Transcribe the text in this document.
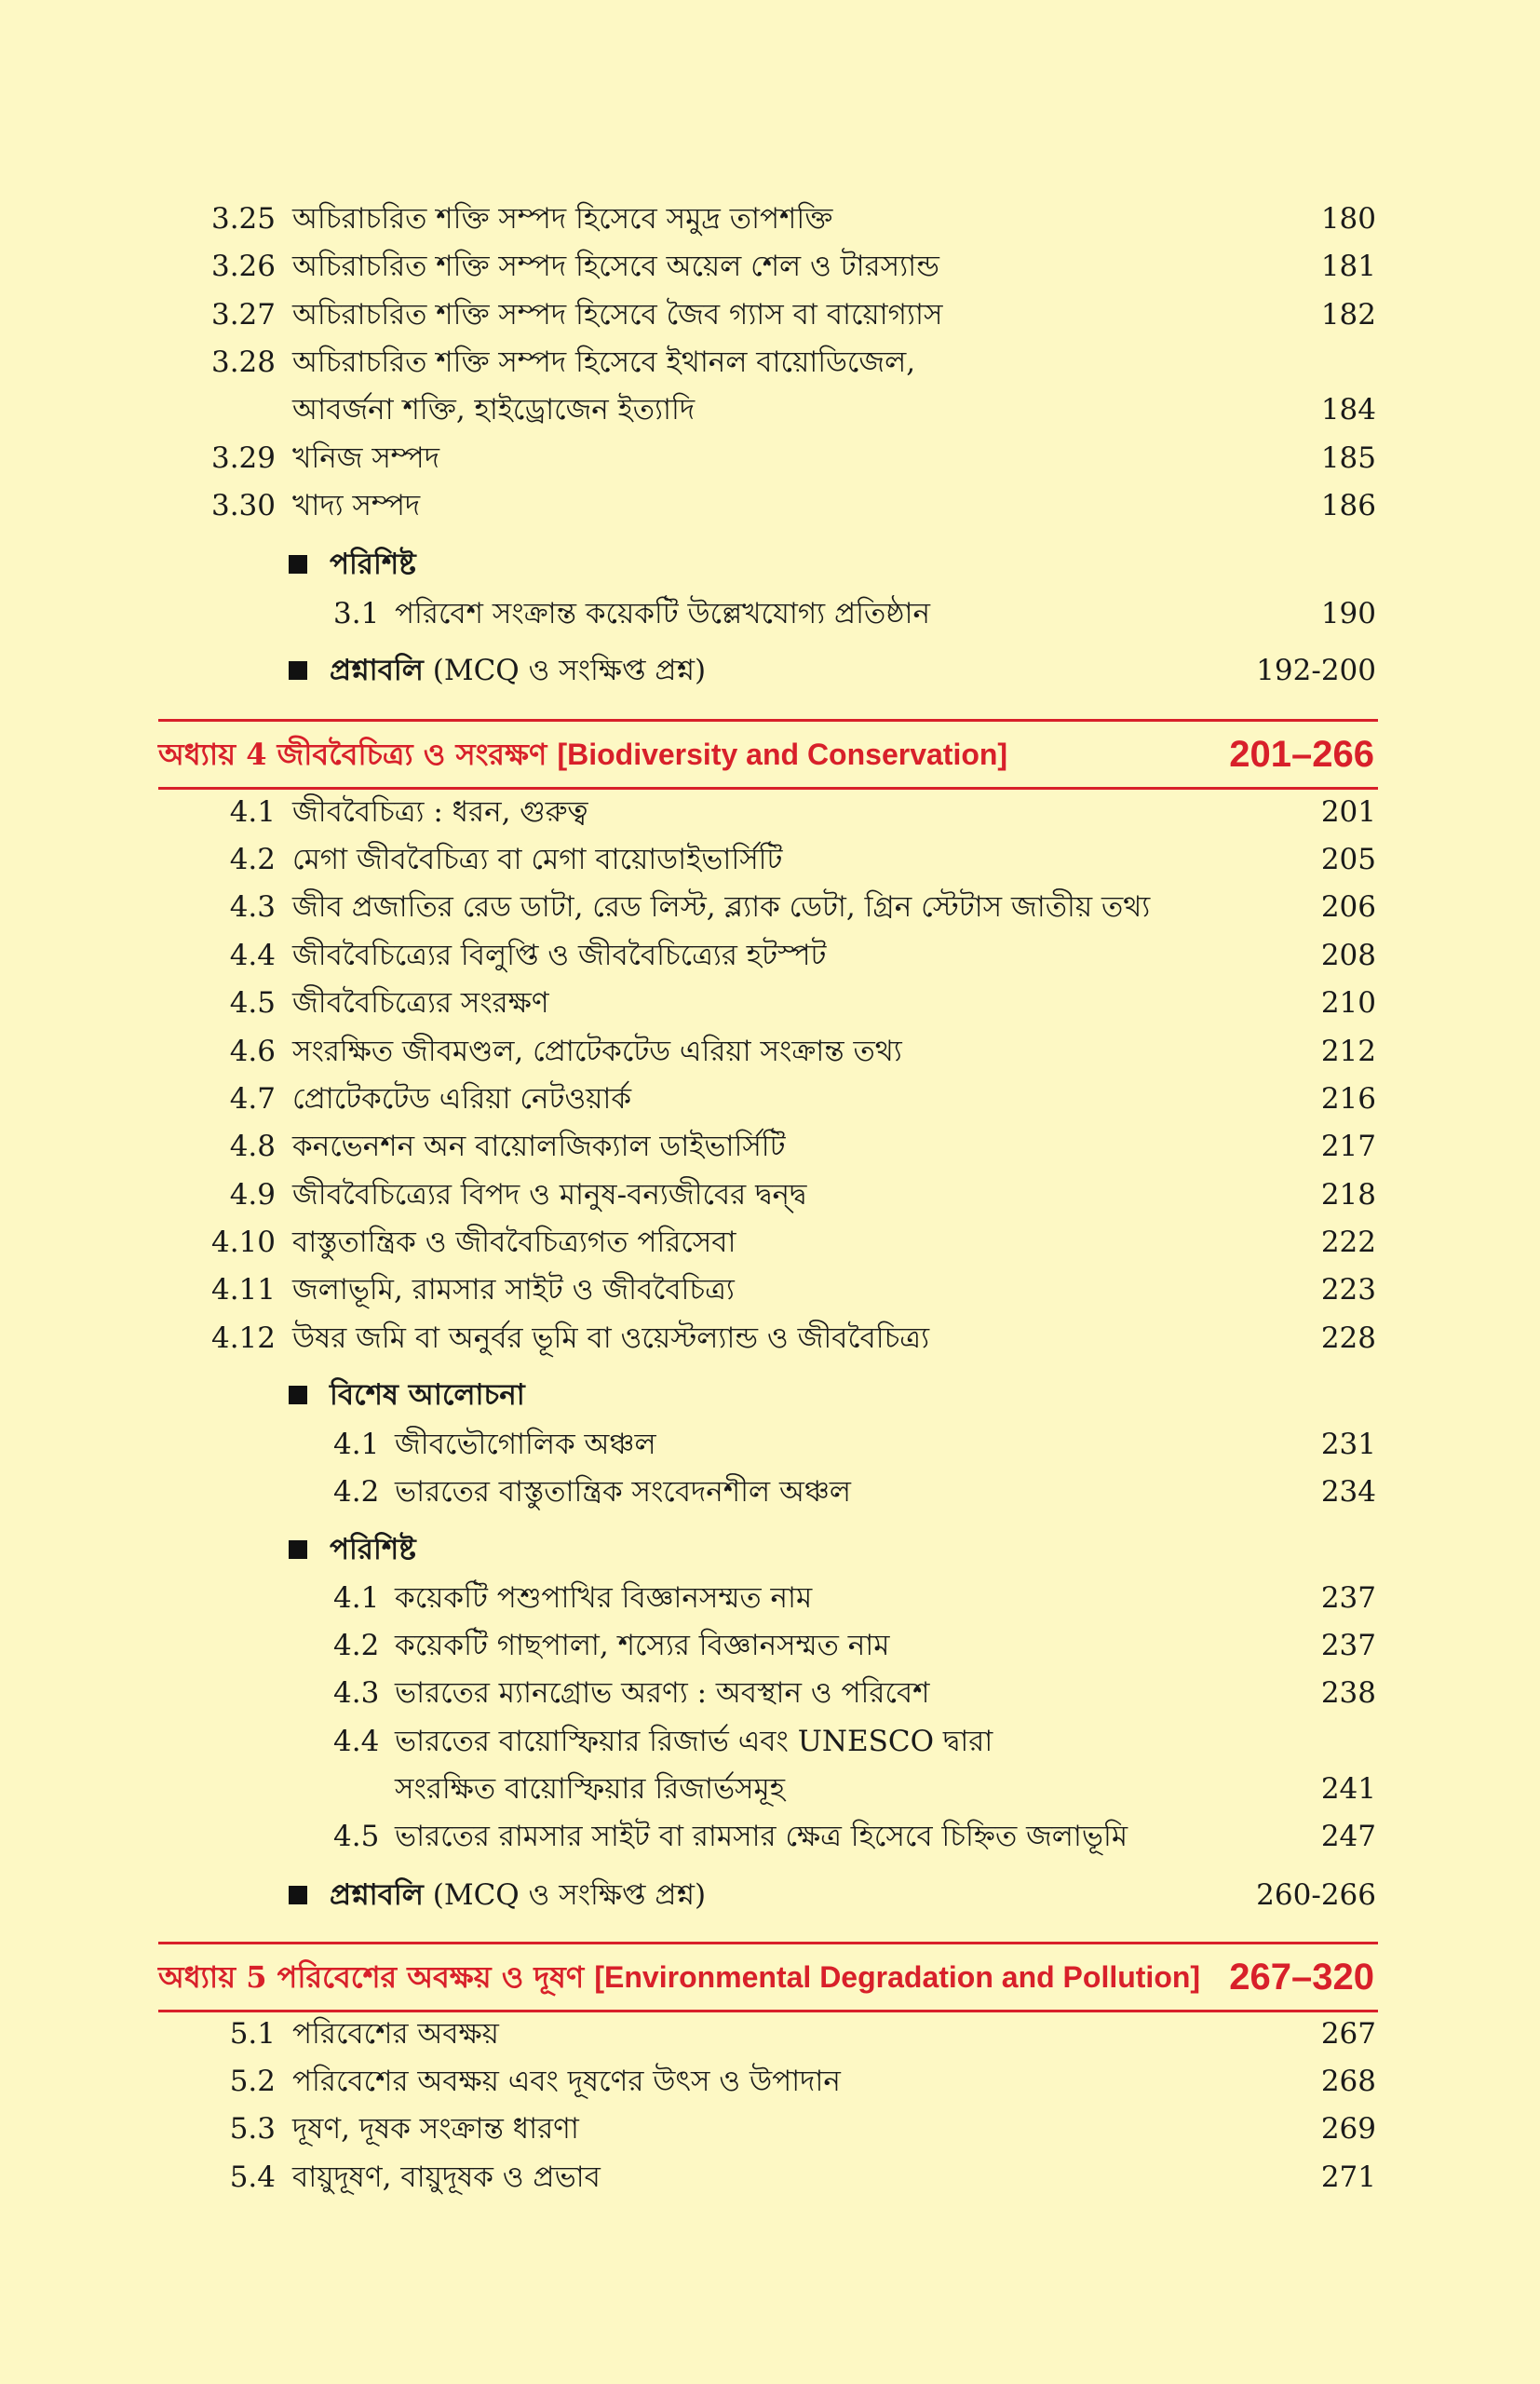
3.25 অচিরাচরিত শক্তি সম্পদ হিসেবে সমুদ্র তাপশক্তি	180
3.26 অচিরাচরিত শক্তি সম্পদ হিসেবে অয়েল শেল ও টারস্যান্ড	181
3.27 অচিরাচরিত শক্তি সম্পদ হিসেবে জৈব গ্যাস বা বায়োগ্যাস	182
3.28 অচিরাচরিত শক্তি সম্পদ হিসেবে ইথানল বায়োডিজেল,
আবর্জনা শক্তি, হাইড্রোজেন ইত্যাদি	184
3.29 খনিজ সম্পদ	185
3.30 খাদ্য সম্পদ	186
পরিশিষ্ট
3.1 পরিবেশ সংক্রান্ত কয়েকটি উল্লেখযোগ্য প্রতিষ্ঠান	190
প্রশ্নাবলি (MCQ ও সংক্ষিপ্ত প্রশ্ন)	192-200
অধ্যায় 4 জীববৈচিত্র্য ও সংরক্ষণ [Biodiversity and Conservation]	201–266
4.1 জীববৈচিত্র্য : ধরন, গুরুত্ব	201
4.2 মেগা জীববৈচিত্র্য বা মেগা বায়োডাইভার্সিটি	205
4.3 জীব প্রজাতির রেড ডাটা, রেড লিস্ট, ব্ল্যাক ডেটা, গ্রিন স্টেটাস জাতীয় তথ্য	206
4.4 জীববৈচিত্র্যের বিলুপ্তি ও জীববৈচিত্র্যের হটস্পট	208
4.5 জীববৈচিত্র্যের সংরক্ষণ	210
4.6 সংরক্ষিত জীবমণ্ডল, প্রোটেকটেড এরিয়া সংক্রান্ত তথ্য	212
4.7 প্রোটেকটেড এরিয়া নেটওয়ার্ক	216
4.8 কনভেনশন অন বায়োলজিক্যাল ডাইভার্সিটি	217
4.9 জীববৈচিত্র্যের বিপদ ও মানুষ-বন্যজীবের দ্বন্দ্ব	218
4.10 বাস্তুতান্ত্রিক ও জীববৈচিত্র্যগত পরিসেবা	222
4.11 জলাভূমি, রামসার সাইট ও জীববৈচিত্র্য	223
4.12 উষর জমি বা অনুর্বর ভূমি বা ওয়েস্টল্যান্ড ও জীববৈচিত্র্য	228
বিশেষ আলোচনা
4.1 জীবভৌগোলিক অঞ্চল	231
4.2 ভারতের বাস্তুতান্ত্রিক সংবেদনশীল অঞ্চল	234
পরিশিষ্ট
4.1 কয়েকটি পশুপাখির বিজ্ঞানসম্মত নাম	237
4.2 কয়েকটি গাছপালা, শস্যের বিজ্ঞানসম্মত নাম	237
4.3 ভারতের ম্যানগ্রোভ অরণ্য : অবস্থান ও পরিবেশ	238
4.4 ভারতের বায়োস্ফিয়ার রিজার্ভ এবং UNESCO দ্বারা
সংরক্ষিত বায়োস্ফিয়ার রিজার্ভসমূহ	241
4.5 ভারতের রামসার সাইট বা রামসার ক্ষেত্র হিসেবে চিহ্নিত জলাভূমি	247
প্রশ্নাবলি (MCQ ও সংক্ষিপ্ত প্রশ্ন)	260-266
অধ্যায় 5 পরিবেশের অবক্ষয় ও দূষণ [Environmental Degradation and Pollution] 267–320
5.1 পরিবেশের অবক্ষয়	267
5.2 পরিবেশের অবক্ষয় এবং দূষণের উৎস ও উপাদান	268
5.3 দূষণ, দূষক সংক্রান্ত ধারণা	269
5.4 বায়ুদূষণ, বায়ুদূষক ও প্রভাব	271
